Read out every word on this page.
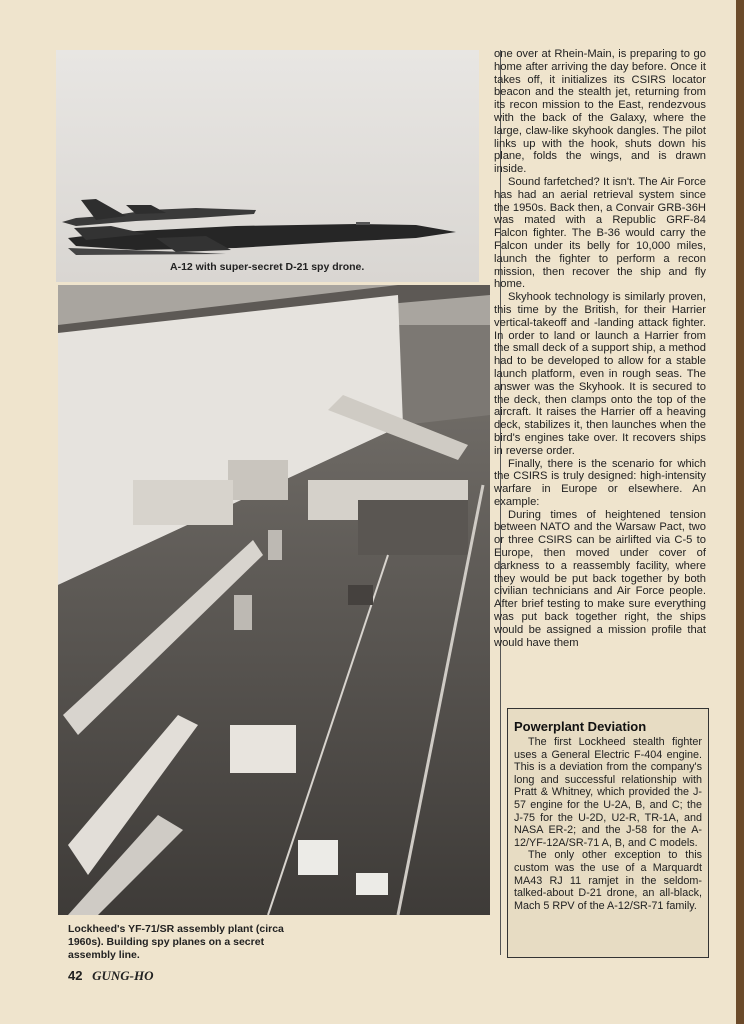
A-12 with super-secret D-21 spy drone.

Lockheed's YF-71/SR assembly plant (circa 1960s). Building spy planes on a secret assembly line.

one over at Rhein-Main, is preparing to go home after arriving the day before. Once it takes off, it initializes its CSIRS locator beacon and the stealth jet, returning from its recon mission to the East, rendezvous with the back of the Galaxy, where the large, claw-like skyhook dangles. The pilot links up with the hook, shuts down his plane, folds the wings, and is drawn inside.

Sound farfetched? It isn't. The Air Force has had an aerial retrieval system since the 1950s. Back then, a Convair GRB-36H was mated with a Republic GRF-84 Falcon fighter. The B-36 would carry the Falcon under its belly for 10,000 miles, launch the fighter to perform a recon mission, then recover the ship and fly home.

Skyhook technology is similarly proven, this time by the British, for their Harrier vertical-takeoff and -landing attack fighter. In order to land or launch a Harrier from the small deck of a support ship, a method had to be developed to allow for a stable launch platform, even in rough seas. The answer was the Skyhook. It is secured to the deck, then clamps onto the top of the aircraft. It raises the Harrier off a heaving deck, stabilizes it, then launches when the bird's engines take over. It recovers ships in reverse order.

Finally, there is the scenario for which the CSIRS is truly designed: high-intensity warfare in Europe or elsewhere. An example:

During times of heightened tension between NATO and the Warsaw Pact, two or three CSIRS can be airlifted via C-5 to Europe, then moved under cover of darkness to a reassembly facility, where they would be put back together by both civilian technicians and Air Force people. After brief testing to make sure everything was put back together right, the ships would be assigned a mission profile that would have them

Powerplant Deviation

The first Lockheed stealth fighter uses a General Electric F-404 engine. This is a deviation from the company's long and successful relationship with Pratt & Whitney, which provided the J-57 engine for the U-2A, B, and C; the J-75 for the U-2D, U2-R, TR-1A, and NASA ER-2; and the J-58 for the A-12/YF-12A/SR-71 A, B, and C models.

The only other exception to this custom was the use of a Marquardt MA43 RJ 11 ramjet in the seldom-talked-about D-21 drone, an all-black, Mach 5 RPV of the A-12/SR-71 family.

42 GUNG-HO
